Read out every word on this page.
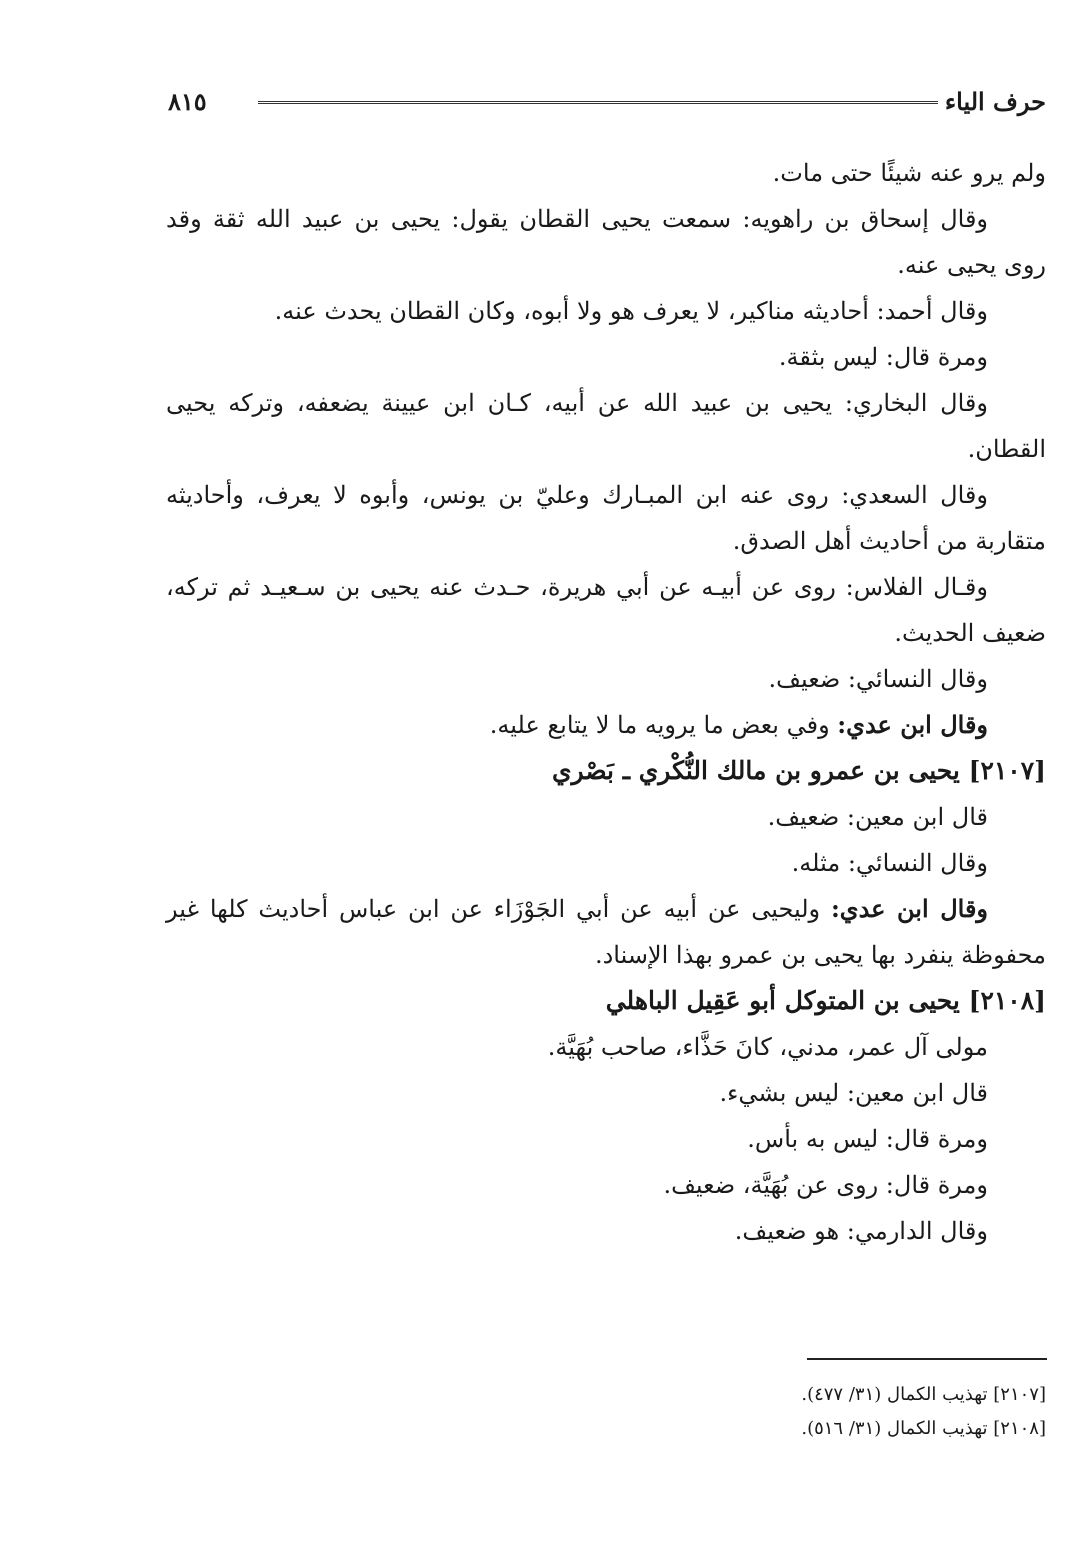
حرف الياء
٨١٥

ولم يرو عنه شيئًا حتى مات.

وقال إسحاق بن راهويه: سمعت يحيى القطان يقول: يحيى بن عبيد الله ثقة وقد روى يحيى عنه.

وقال أحمد: أحاديثه مناكير، لا يعرف هو ولا أبوه، وكان القطان يحدث عنه.

ومرة قال: ليس بثقة.

وقال البخاري: يحيى بن عبيد الله عن أبيه، كـان ابن عيينة يضعفه، وتركه يحيى القطان.

وقال السعدي: روى عنه ابن المبـارك وعليّ بن يونس، وأبوه لا يعرف، وأحاديثه متقاربة من أحاديث أهل الصدق.

وقـال الفلاس: روى عن أبيـه عن أبي هريرة، حـدث عنه يحيى بن سـعيـد ثم تركه، ضعيف الحديث.

وقال النسائي: ضعيف.

وقال ابن عدي: وفي بعض ما يرويه ما لا يتابع عليه.

[٢١٠٧] يحيى بن عمرو بن مالك النُّكْري ـ بَصْري

قال ابن معين: ضعيف.

وقال النسائي: مثله.

وقال ابن عدي: وليحيى عن أبيه عن أبي الجَوْزَاء عن ابن عباس أحاديث كلها غير محفوظة ينفرد بها يحيى بن عمرو بهذا الإسناد.

[٢١٠٨] يحيى بن المتوكل أبو عَقِيل الباهلي

مولى آل عمر، مدني، كانَ حَذَّاء، صاحب بُهَيَّة.

قال ابن معين: ليس بشيء.

ومرة قال: ليس به بأس.

ومرة قال: روى عن بُهَيَّة، ضعيف.

وقال الدارمي: هو ضعيف.

[٢١٠٧] تهذيب الكمال (٣١/ ٤٧٧).
[٢١٠٨] تهذيب الكمال (٣١/ ٥١٦).
